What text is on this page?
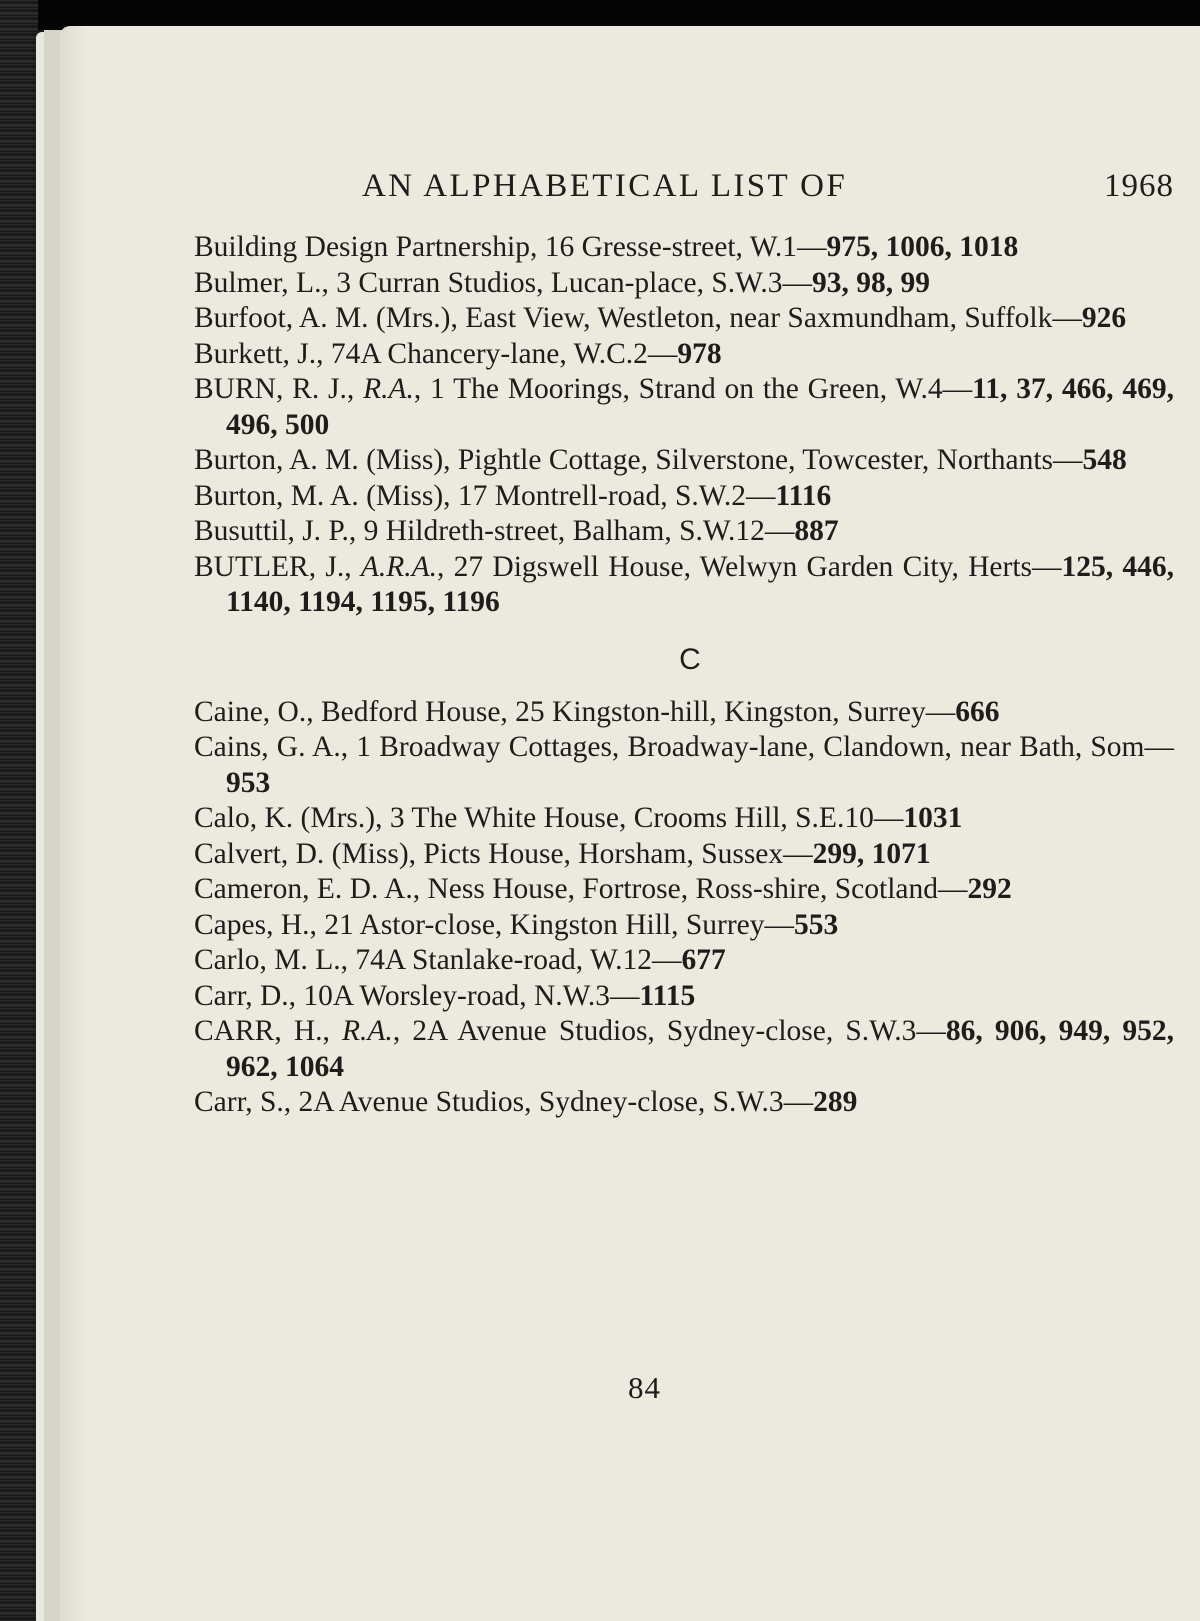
AN ALPHABETICAL LIST OF	1968
Building Design Partnership, 16 Gresse-street, W.1—975, 1006, 1018
Bulmer, L., 3 Curran Studios, Lucan-place, S.W.3—93, 98, 99
Burfoot, A. M. (Mrs.), East View, Westleton, near Saxmundham, Suffolk—926
Burkett, J., 74A Chancery-lane, W.C.2—978
BURN, R. J., R.A., 1 The Moorings, Strand on the Green, W.4—11, 37, 466, 469, 496, 500
Burton, A. M. (Miss), Pightle Cottage, Silverstone, Towcester, Northants—548
Burton, M. A. (Miss), 17 Montrell-road, S.W.2—1116
Busuttil, J. P., 9 Hildreth-street, Balham, S.W.12—887
BUTLER, J., A.R.A., 27 Digswell House, Welwyn Garden City, Herts—125, 446, 1140, 1194, 1195, 1196
C
Caine, O., Bedford House, 25 Kingston-hill, Kingston, Surrey—666
Cains, G. A., 1 Broadway Cottages, Broadway-lane, Clandown, near Bath, Som—953
Calo, K. (Mrs.), 3 The White House, Crooms Hill, S.E.10—1031
Calvert, D. (Miss), Picts House, Horsham, Sussex—299, 1071
Cameron, E. D. A., Ness House, Fortrose, Ross-shire, Scotland—292
Capes, H., 21 Astor-close, Kingston Hill, Surrey—553
Carlo, M. L., 74A Stanlake-road, W.12—677
Carr, D., 10A Worsley-road, N.W.3—1115
CARR, H., R.A., 2A Avenue Studios, Sydney-close, S.W.3—86, 906, 949, 952, 962, 1064
Carr, S., 2A Avenue Studios, Sydney-close, S.W.3—289
84
